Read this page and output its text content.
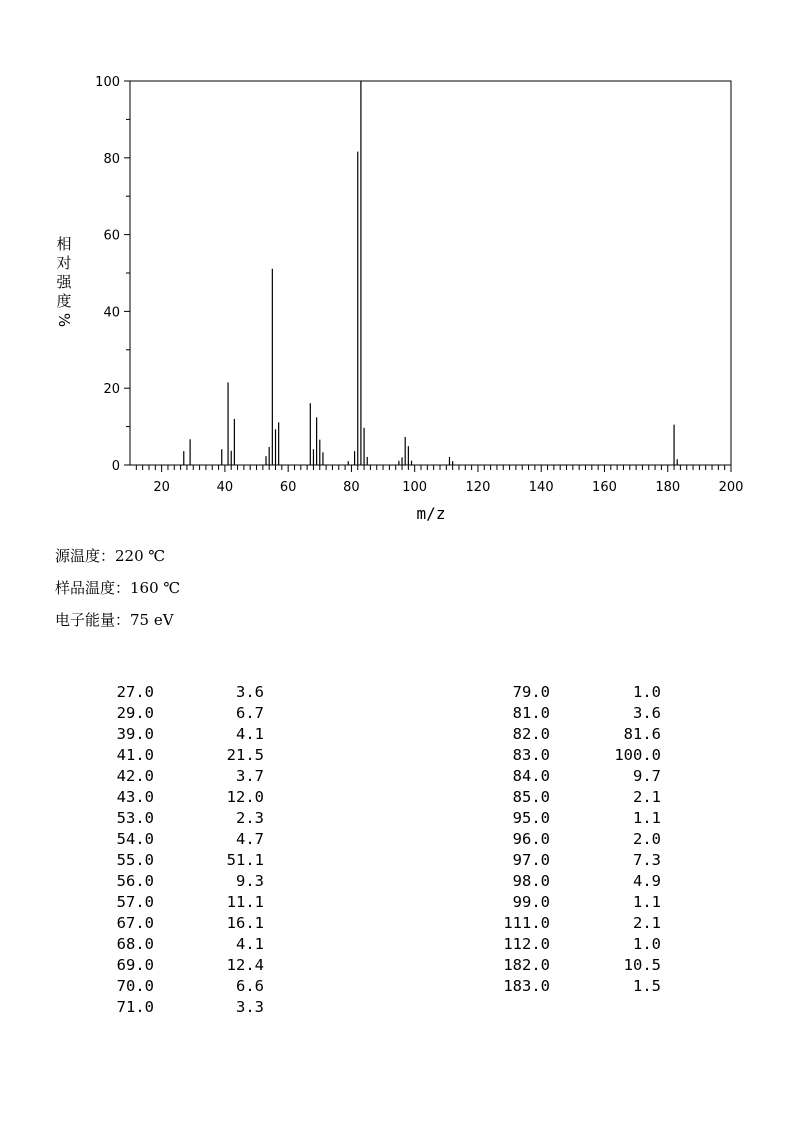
0
20
40
60
80
100
20	40	60	80	100	120	140	160	180	200
相
对
强
度
%
m/z
源温度：220 ℃
样品温度：160 ℃
电子能量：75 eV
27.0	3.6
29.0	6.7
39.0	4.1
41.0	21.5
42.0	3.7
43.0	12.0
53.0	2.3
54.0	4.7
55.0	51.1
56.0	9.3
57.0	11.1
67.0	16.1
68.0	4.1
69.0	12.4
70.0	6.6
71.0	3.3
79.0	1.0
81.0	3.6
82.0	81.6
83.0	100.0
84.0	9.7
85.0	2.1
95.0	1.1
96.0	2.0
97.0	7.3
98.0	4.9
99.0	1.1
111.0	2.1
112.0	1.0
182.0	10.5
183.0	1.5
